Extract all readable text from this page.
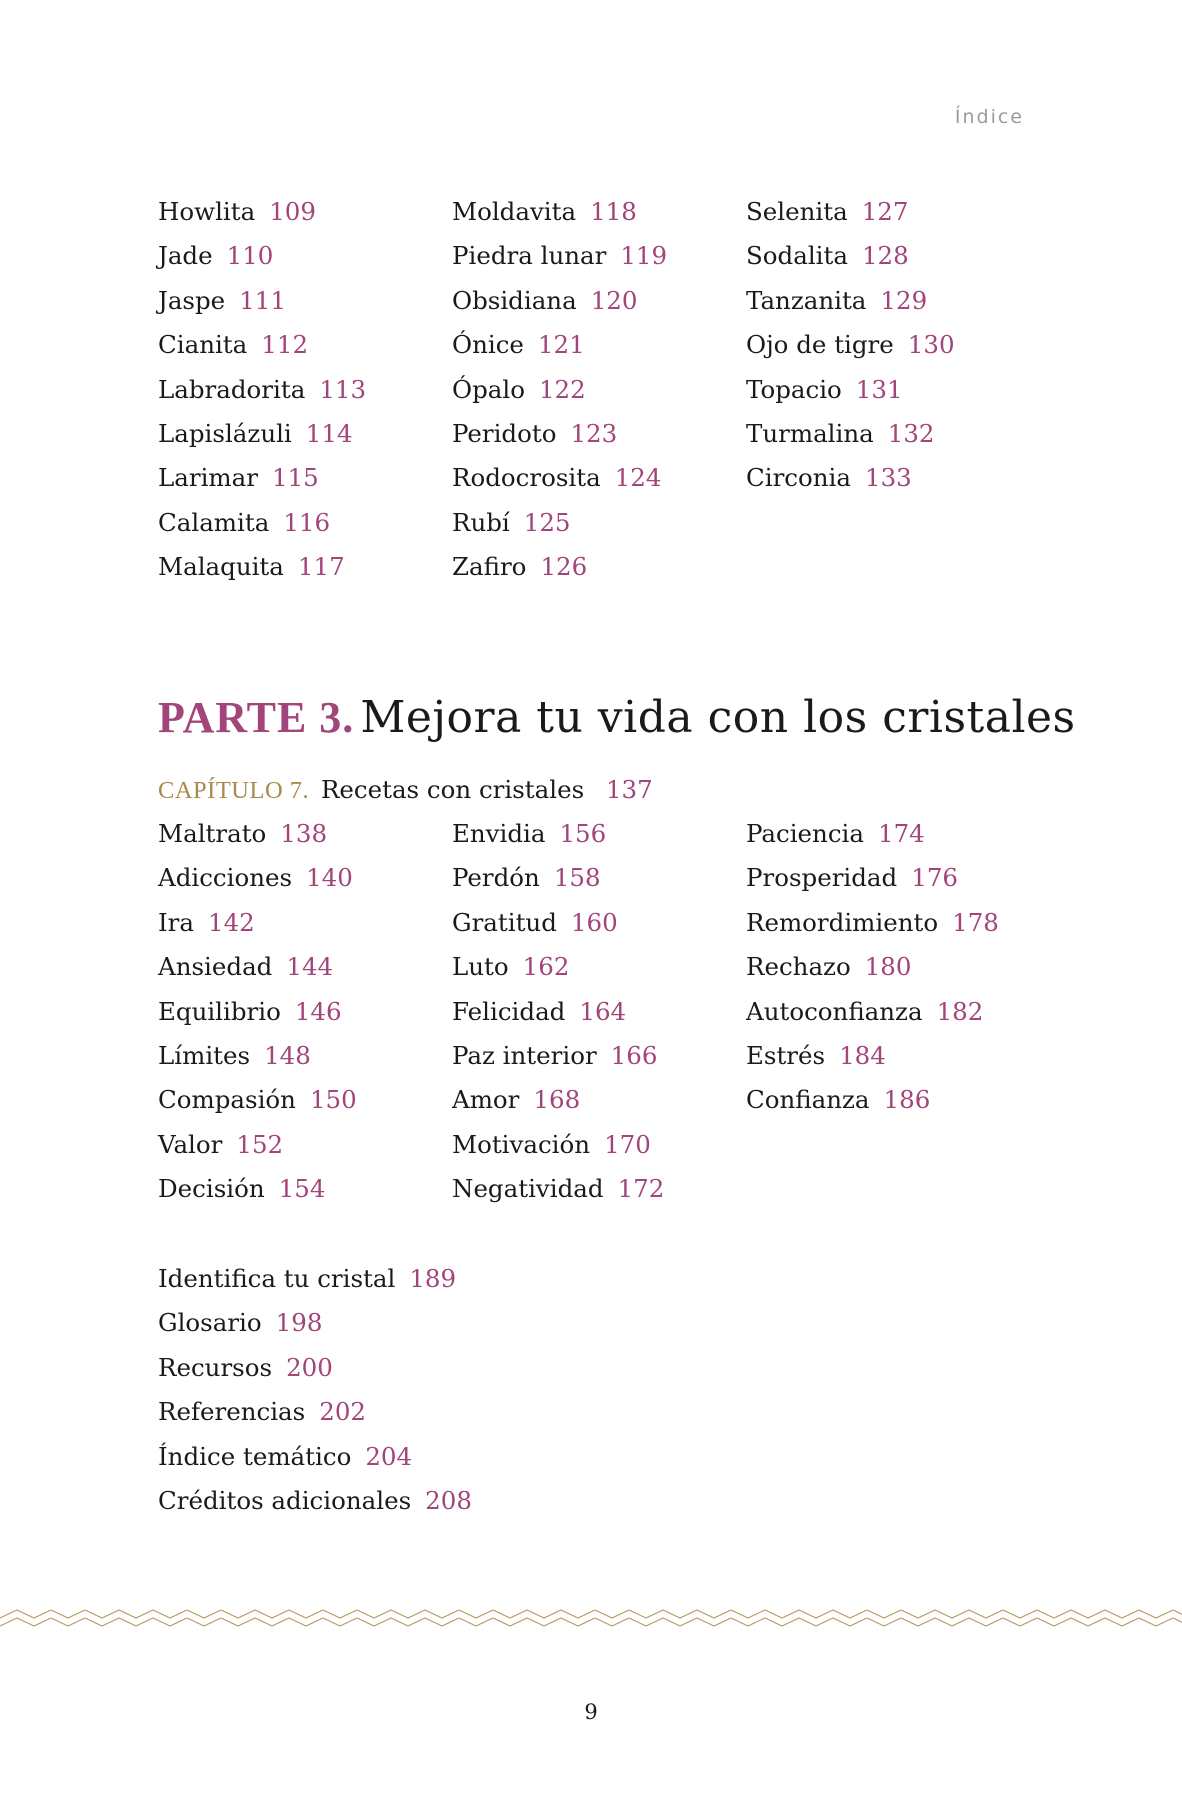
Índice
Howlita 109
Jade 110
Jaspe 111
Cianita 112
Labradorita 113
Lapislázuli 114
Larimar 115
Calamita 116
Malaquita 117
Moldavita 118
Piedra lunar 119
Obsidiana 120
Ónice 121
Ópalo 122
Peridoto 123
Rodocrosita 124
Rubí 125
Zafiro 126
Selenita 127
Sodalita 128
Tanzanita 129
Ojo de tigre 130
Topacio 131
Turmalina 132
Circonia 133
PARTE 3. Mejora tu vida con los cristales
CAPÍTULO 7. Recetas con cristales 137
Maltrato 138
Adicciones 140
Ira 142
Ansiedad 144
Equilibrio 146
Límites 148
Compasión 150
Valor 152
Decisión 154
Envidia 156
Perdón 158
Gratitud 160
Luto 162
Felicidad 164
Paz interior 166
Amor 168
Motivación 170
Negatividad 172
Paciencia 174
Prosperidad 176
Remordimiento 178
Rechazo 180
Autoconfianza 182
Estrés 184
Confianza 186
Identifica tu cristal 189
Glosario 198
Recursos 200
Referencias 202
Índice temático 204
Créditos adicionales 208
9
